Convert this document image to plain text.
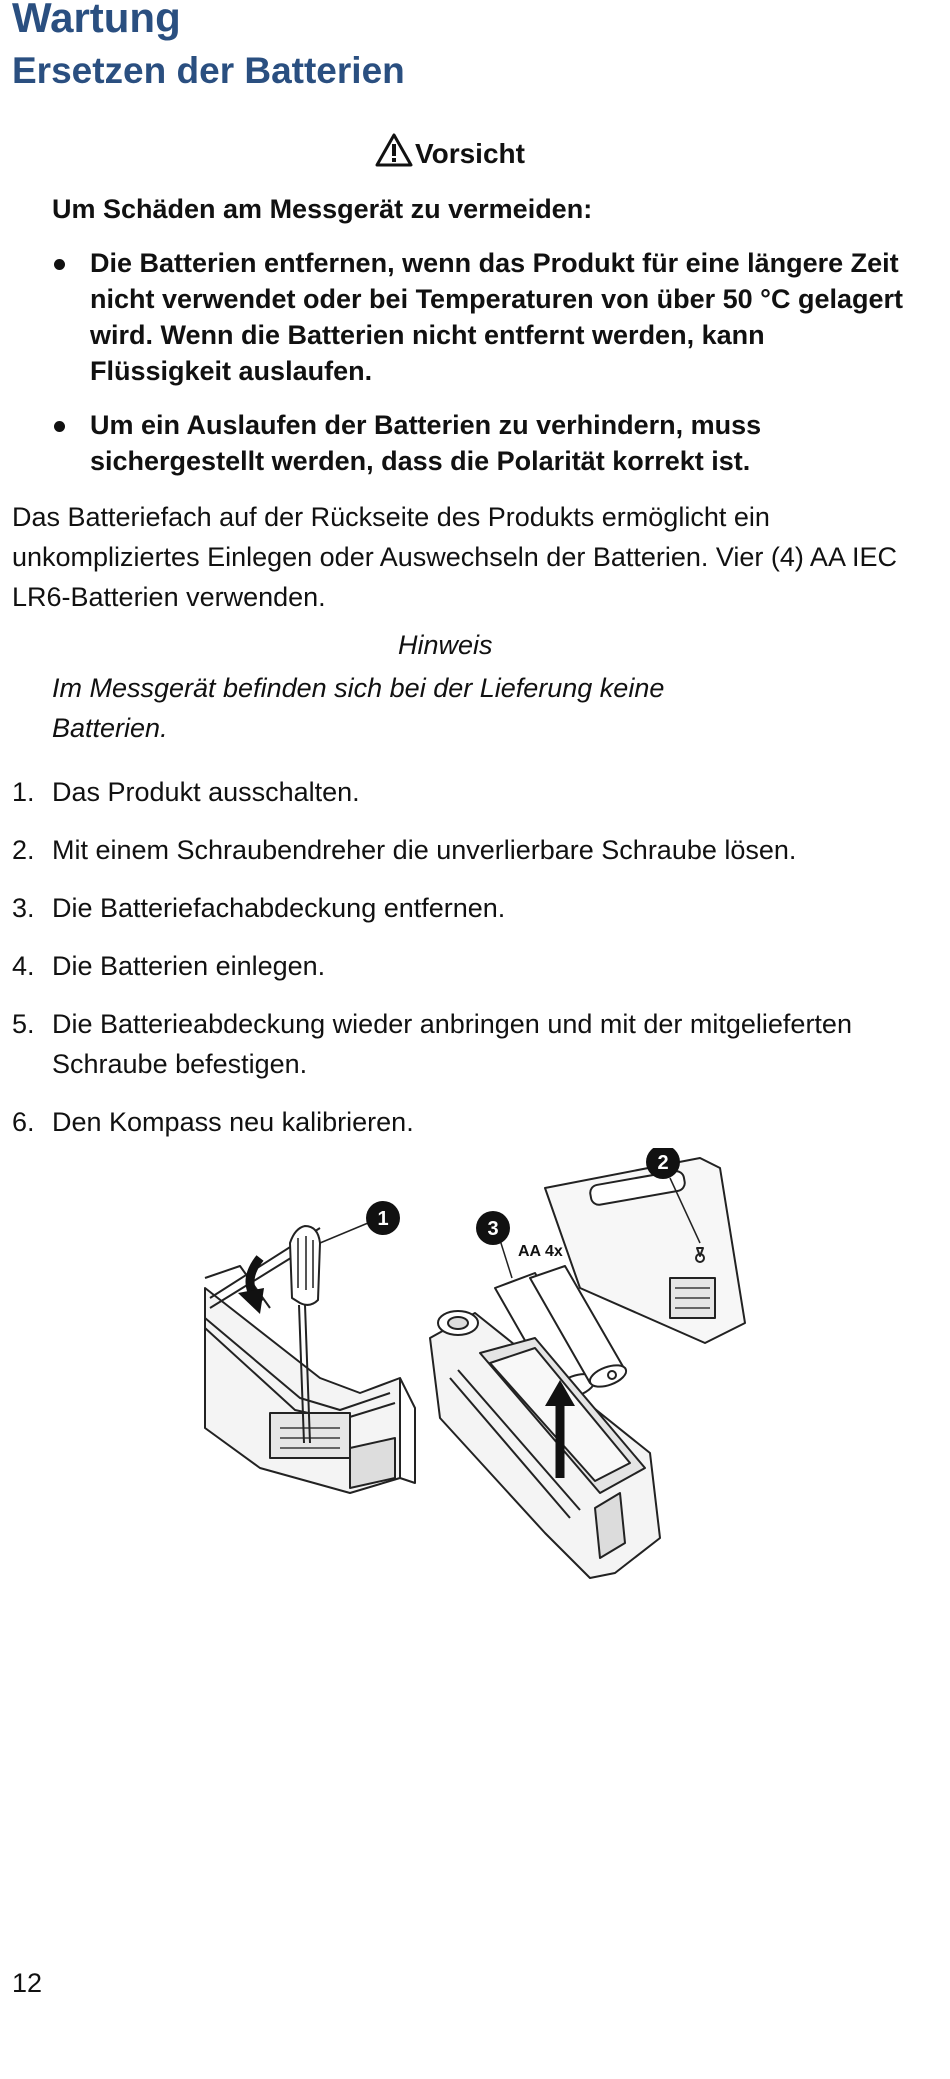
Wartung
Ersetzen der Batterien
Vorsicht
Um Schäden am Messgerät zu vermeiden:
Die Batterien entfernen, wenn das Produkt für eine längere Zeit nicht verwendet oder bei Temperaturen von über 50 °C gelagert wird. Wenn die Batterien nicht entfernt werden, kann Flüssigkeit auslaufen.
Um ein Auslaufen der Batterien zu verhindern, muss sichergestellt werden, dass die Polarität korrekt ist.

Das Batteriefach auf der Rückseite des Produkts ermöglicht ein unkompliziertes Einlegen oder Auswechseln der Batterien. Vier (4) AA IEC LR6-Batterien verwenden.

Hinweis

Im Messgerät befinden sich bei der Lieferung keine Batterien.

1. Das Produkt ausschalten.
2. Mit einem Schraubendreher die unverlierbare Schraube lösen.
3. Die Batteriefachabdeckung entfernen.
4. Die Batterien einlegen.
5. Die Batterieabdeckung wieder anbringen und mit der mitgelieferten Schraube befestigen.
6. Den Kompass neu kalibrieren.
1
2
3
AA 4x
12
